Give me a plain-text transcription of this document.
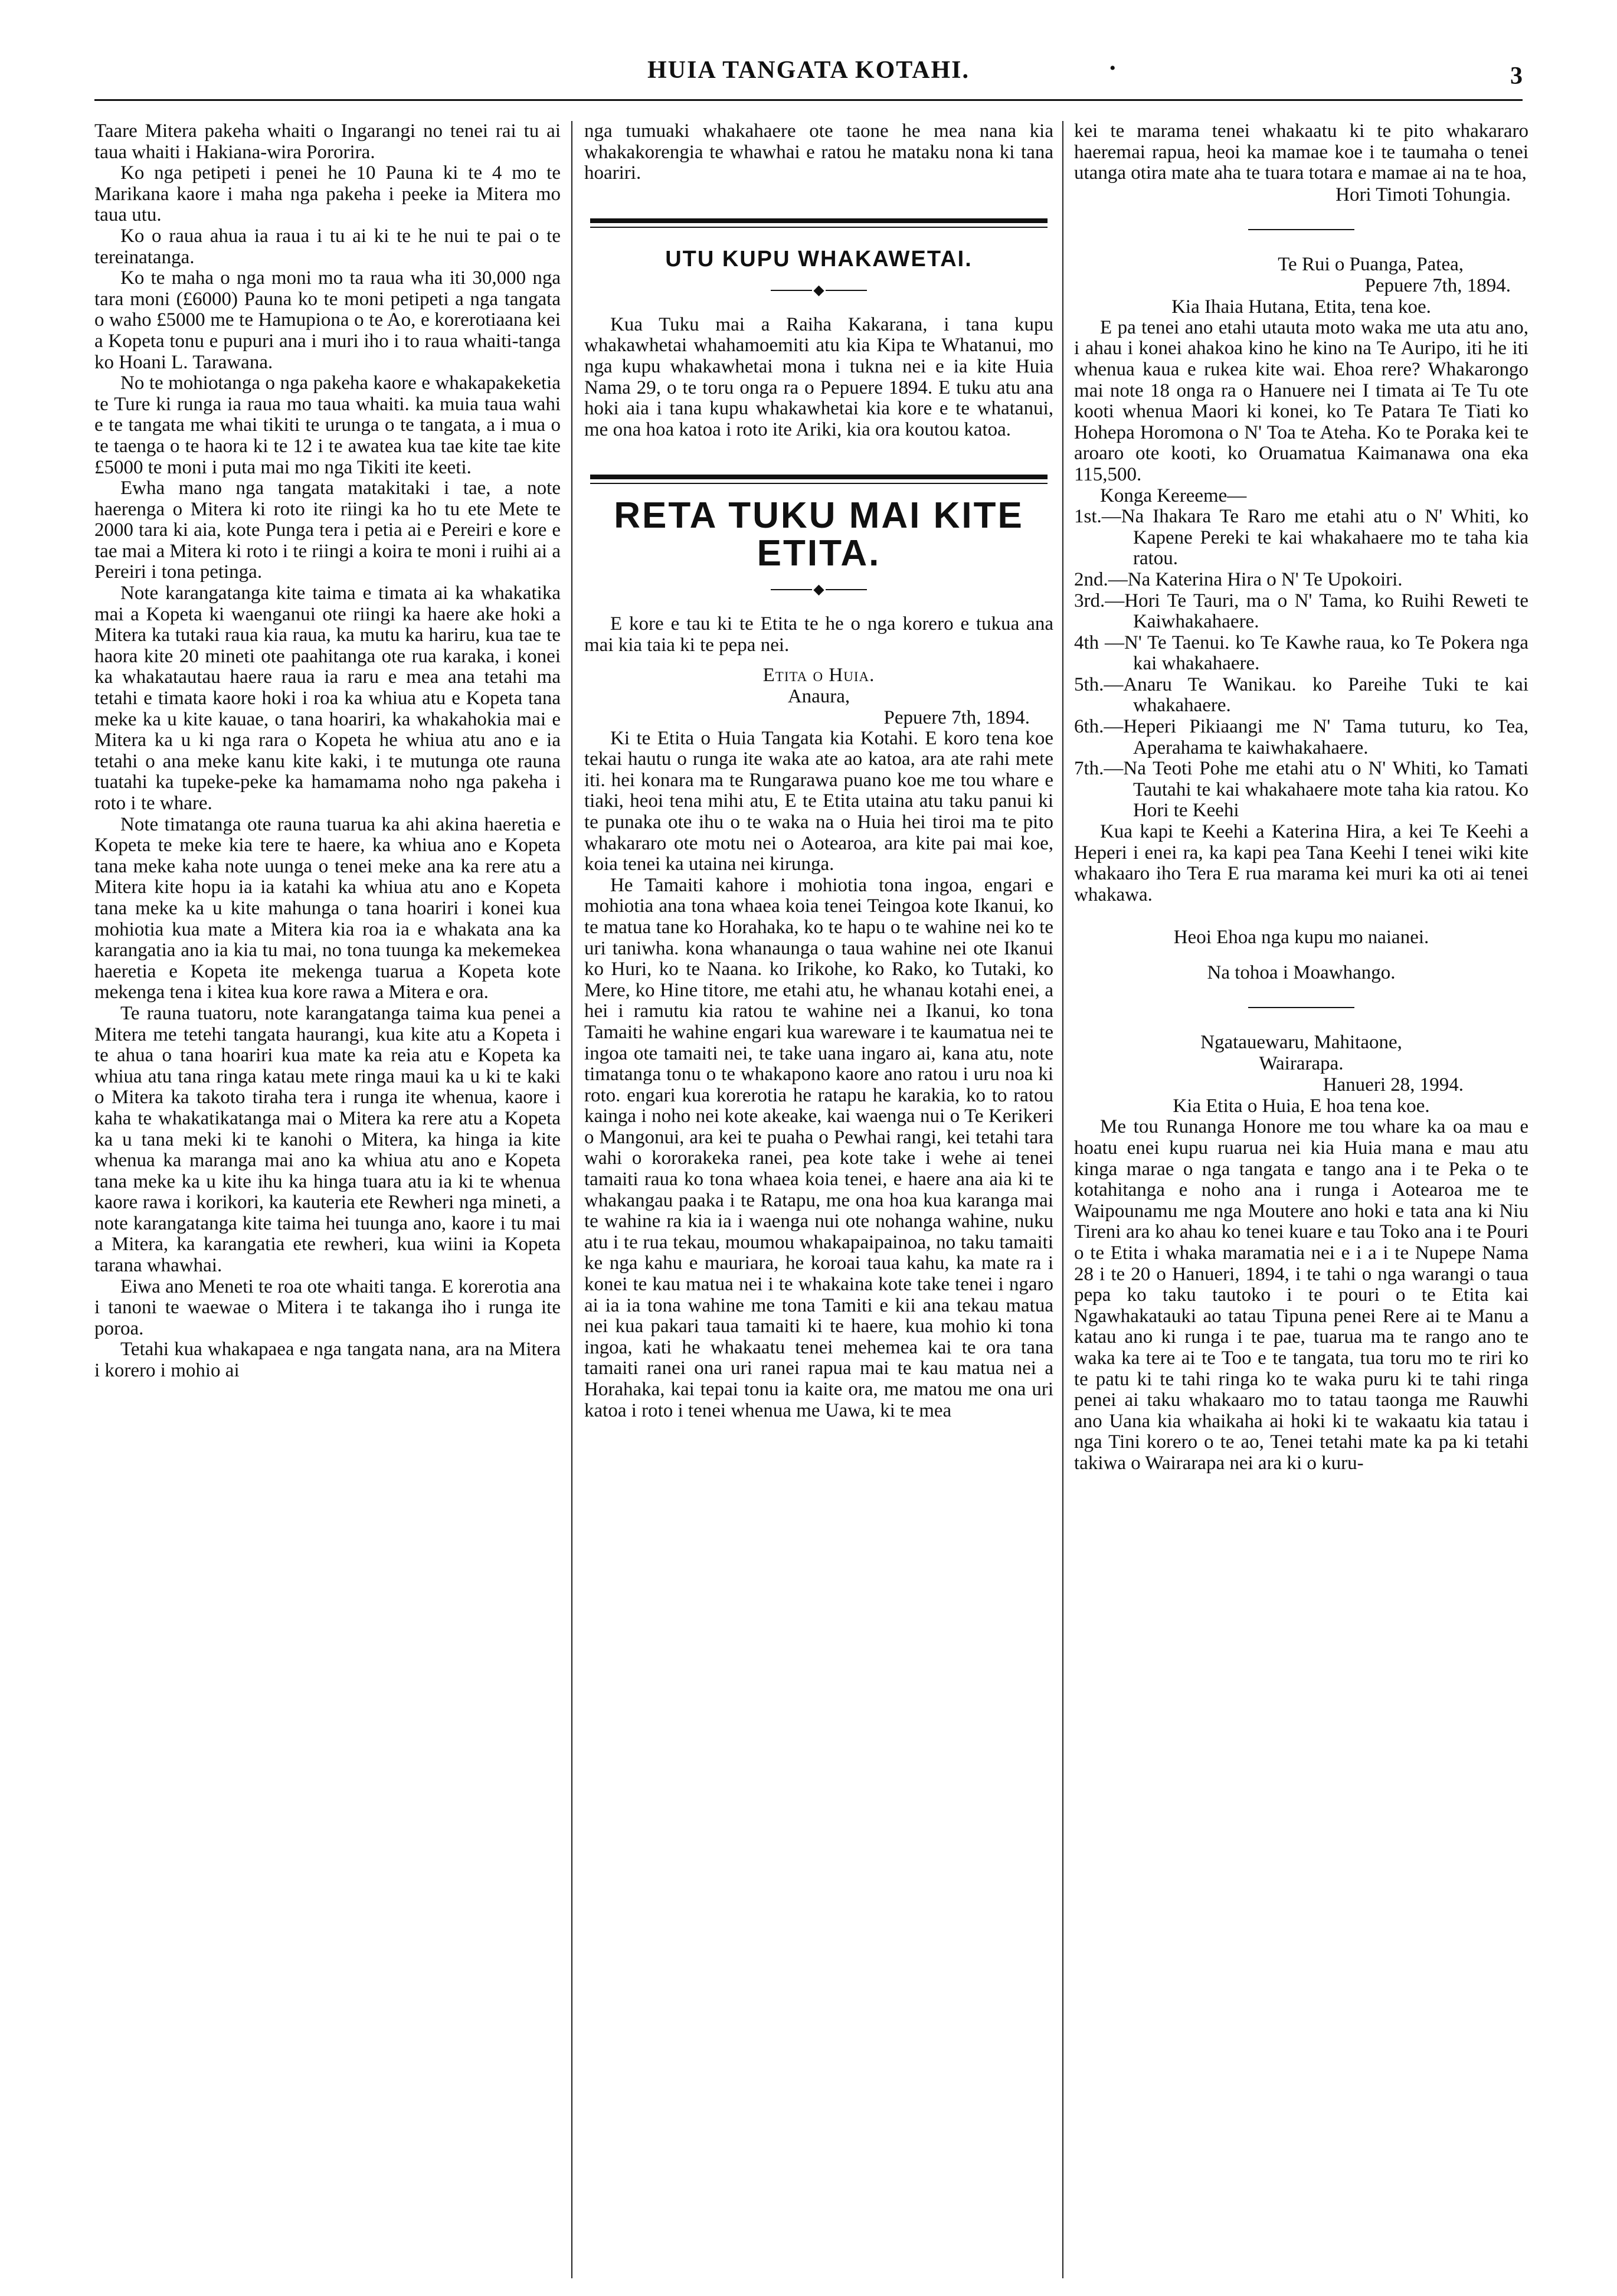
HUIA TANGATA KOTAHI.	•	3

Taare Mitera pakeha whaiti o Ingarangi no tenei rai tu ai taua whaiti i Hakiana-wira Pororira.

Ko nga petipeti i penei he 10 Pauna ki te 4 mo te Marikana kaore i maha nga pakeha i peeke ia Mitera mo taua utu.

Ko o raua ahua ia raua i tu ai ki te he nui te pai o te tereinatanga.

Ko te maha o nga moni mo ta raua wha iti 30,000 nga tara moni (£6000) Pauna ko te moni petipeti a nga tangata o waho £5000 me te Hamupiona o te Ao, e korerotiaana kei a Kopeta tonu e pupuri ana i muri iho i to raua whaiti-tanga ko Hoani L. Tarawana.

No te mohiotanga o nga pakeha kaore e whakapakeketia te Ture ki runga ia raua mo taua whaiti. ka muia taua wahi e te tangata me whai tikiti te urunga o te tangata, a i mua o te taenga o te haora ki te 12 i te awatea kua tae kite tae kite £5000 te moni i puta mai mo nga Tikiti ite keeti.

Ewha mano nga tangata matakitaki i tae, a note haerenga o Mitera ki roto ite riingi ka ho tu ete Mete te 2000 tara ki aia, kote Punga tera i petia ai e Pereiri e kore e tae mai a Mitera ki roto i te riingi a koira te moni i ruihi ai a Pereiri i tona petinga.

Note karangatanga kite taima e timata ai ka whakatika mai a Kopeta ki waenganui ote riingi ka haere ake hoki a Mitera ka tutaki raua kia raua, ka mutu ka hariru, kua tae te haora kite 20 mineti ote paahitanga ote rua karaka, i konei ka whakatautau haere raua ia raru e mea ana tetahi ma tetahi e timata kaore hoki i roa ka whiua atu e Kopeta tana meke ka u kite kauae, o tana hoariri, ka whakahokia mai e Mitera ka u ki nga rara o Kopeta he whiua atu ano e ia tetahi o ana meke kanu kite kaki, i te mutunga ote rauna tuatahi ka tupeke-peke ka hamamama noho nga pakeha i roto i te whare.

Note timatanga ote rauna tuarua ka ahi akina haeretia e Kopeta te meke kia tere te haere, ka whiua ano e Kopeta tana meke kaha note uunga o tenei meke ana ka rere atu a Mitera kite hopu ia ia katahi ka whiua atu ano e Kopeta tana meke ka u kite mahunga o tana hoariri i konei kua mohiotia kua mate a Mitera kia roa ia e whakata ana ka karangatia ano ia kia tu mai, no tona tuunga ka mekemekea haeretia e Kopeta ite mekenga tuarua a Kopeta kote mekenga tena i kitea kua kore rawa a Mitera e ora.

Te rauna tuatoru, note karangatanga taima kua penei a Mitera me tetehi tangata haurangi, kua kite atu a Kopeta i te ahua o tana hoariri kua mate ka reia atu e Kopeta ka whiua atu tana ringa katau mete ringa maui ka u ki te kaki o Mitera ka takoto tiraha tera i runga ite whenua, kaore i kaha te whakatikatanga mai o Mitera ka rere atu a Kopeta ka u tana meki ki te kanohi o Mitera, ka hinga ia kite whenua ka maranga mai ano ka whiua atu ano e Kopeta tana meke ka u kite ihu ka hinga tuara atu ia ki te whenua kaore rawa i korikori, ka kauteria ete Rewheri nga mineti, a note karangatanga kite taima hei tuunga ano, kaore i tu mai a Mitera, ka karangatia ete rewheri, kua wiini ia Kopeta tarana whawhai.

Eiwa ano Meneti te roa ote whaiti tanga. E korerotia ana i tanoni te waewae o Mitera i te takanga iho i runga ite poroa.

Tetahi kua whakapaea e nga tangata nana, ara na Mitera i korero i mohio ai

nga tumuaki whakahaere ote taone he mea nana kia whakakorengia te whawhai e ratou he mataku nona ki tana hoariri.

UTU KUPU WHAKAWETAI.
◆

Kua Tuku mai a Raiha Kakarana, i tana kupu whakawhetai whahamoemiti atu kia Kipa te Whatanui, mo nga kupu whakawhetai mona i tukna nei e ia kite Huia Nama 29, o te toru onga ra o Pepuere 1894. E tuku atu ana hoki aia i tana kupu whakawhetai kia kore e te whatanui, me ona hoa katoa i roto ite Ariki, kia ora koutou katoa.

RETA TUKU MAI KITE ETITA.
◆

E kore e tau ki te Etita te he o nga korero e tukua ana mai kia taia ki te pepa nei.

Etita o Huia.
Anaura,
Pepuere 7th, 1894.

Ki te Etita o Huia Tangata kia Kotahi. E koro tena koe tekai hautu o runga ite waka ate ao katoa, ara ate rahi mete iti. hei konara ma te Rungarawa puano koe me tou whare e tiaki, heoi tena mihi atu, E te Etita utaina atu taku panui ki te punaka ote ihu o te waka na o Huia hei tiroi ma te pito whakararo ote motu nei o Aotearoa, ara kite pai mai koe, koia tenei ka utaina nei kirunga.

He Tamaiti kahore i mohiotia tona ingoa, engari e mohiotia ana tona whaea koia tenei Teingoa kote Ikanui, ko te matua tane ko Horahaka, ko te hapu o te wahine nei ko te uri taniwha. kona whanaunga o taua wahine nei ote Ikanui ko Huri, ko te Naana. ko Irikohe, ko Rako, ko Tutaki, ko Mere, ko Hine titore, me etahi atu, he whanau kotahi enei, a hei i ramutu kia ratou te wahine nei a Ikanui, ko tona Tamaiti he wahine engari kua wareware i te kaumatua nei te ingoa ote tamaiti nei, te take uana ingaro ai, kana atu, note timatanga tonu o te whakapono kaore ano ratou i uru noa ki roto. engari kua korerotia he ratapu he karakia, ko to ratou kainga i noho nei kote akeake, kai waenga nui o Te Kerikeri o Mangonui, ara kei te puaha o Pewhai rangi, kei tetahi tara wahi o kororakeka ranei, pea kote take i wehe ai tenei tamaiti raua ko tona whaea koia tenei, e haere ana aia ki te whakangau paaka i te Ratapu, me ona hoa kua karanga mai te wahine ra kia ia i waenga nui ote nohanga wahine, nuku atu i te rua tekau, moumou whakapaipainoa, no taku tamaiti ke nga kahu e mauriara, he koroai taua kahu, ka mate ra i konei te kau matua nei i te whakaina kote take tenei i ngaro ai ia ia tona wahine me tona Tamiti e kii ana tekau matua nei kua pakari taua tamaiti ki te haere, kua mohio ki tona ingoa, kati he whakaatu tenei mehemea kai te ora tana tamaiti ranei ona uri ranei rapua mai te kau matua nei a Horahaka, kai tepai tonu ia kaite ora, me matou me ona uri katoa i roto i tenei whenua me Uawa, ki te mea

kei te marama tenei whakaatu ki te pito whakararo haeremai rapua, heoi ka mamae koe i te taumaha o tenei utanga otira mate aha te tuara totara e mamae ai na te hoa,

Hori Timoti Tohungia.
Te Rui o Puanga, Patea,
Pepuere 7th, 1894.
Kia Ihaia Hutana, Etita, tena koe.

E pa tenei ano etahi utauta moto waka me uta atu ano, i ahau i konei ahakoa kino he kino na Te Auripo, iti he iti whenua kaua e rukea kite wai. Ehoa rere? Whakarongo mai note 18 onga ra o Hanuere nei I timata ai Te Tu ote kooti whenua Maori ki konei, ko Te Patara Te Tiati ko Hohepa Horomona o N' Toa te Ateha. Ko te Poraka kei te aroaro ote kooti, ko Oruamatua Kaimanawa ona eka 115,500.

Konga Kereeme—

1st.—Na Ihakara Te Raro me etahi atu o N' Whiti, ko Kapene Pereki te kai whakahaere mo te taha kia ratou.

2nd.—Na Katerina Hira o N' Te Upokoiri.

3rd.—Hori Te Tauri, ma o N' Tama, ko Ruihi Reweti te Kaiwhakahaere.

4th —N' Te Taenui. ko Te Kawhe raua, ko Te Pokera nga kai whakahaere.

5th.—Anaru Te Wanikau. ko Pareihe Tuki te kai whakahaere.

6th.—Heperi Pikiaangi me N' Tama tuturu, ko Tea, Aperahama te kaiwhakahaere.

7th.—Na Teoti Pohe me etahi atu o N' Whiti, ko Tamati Tautahi te kai whakahaere mote taha kia ratou. Ko Hori te Keehi

Kua kapi te Keehi a Katerina Hira, a kei Te Keehi a Heperi i enei ra, ka kapi pea Tana Keehi I tenei wiki kite whakaaro iho Tera E rua marama kei muri ka oti ai tenei whakawa.

Heoi Ehoa nga kupu mo naianei.
Na tohoa i Moawhango.
Ngatauewaru, Mahitaone,
Wairarapa.
Hanueri 28, 1994.
Kia Etita o Huia, E hoa tena koe.

Me tou Runanga Honore me tou whare ka oa mau e hoatu enei kupu ruarua nei kia Huia mana e mau atu kinga marae o nga tangata e tango ana i te Peka o te kotahitanga e noho ana i runga i Aotearoa me te Waipounamu me nga Moutere ano hoki e tata ana ki Niu Tireni ara ko ahau ko tenei kuare e tau Toko ana i te Pouri o te Etita i whaka maramatia nei e i a i te Nupepe Nama 28 i te 20 o Hanueri, 1894, i te tahi o nga warangi o taua pepa ko taku tautoko i te pouri o te Etita kai Ngawhakatauki ao tatau Tipuna penei Rere ai te Manu a katau ano ki runga i te pae, tuarua ma te rango ano te waka ka tere ai te Too e te tangata, tua toru mo te riri ko te patu ki te tahi ringa ko te waka puru ki te tahi ringa penei ai taku whakaaro mo to tatau taonga me Rauwhi ano Uana kia whaikaha ai hoki ki te wakaatu kia tatau i nga Tini korero o te ao, Tenei tetahi mate ka pa ki tetahi takiwa o Wairarapa nei ara ki o kuru-
